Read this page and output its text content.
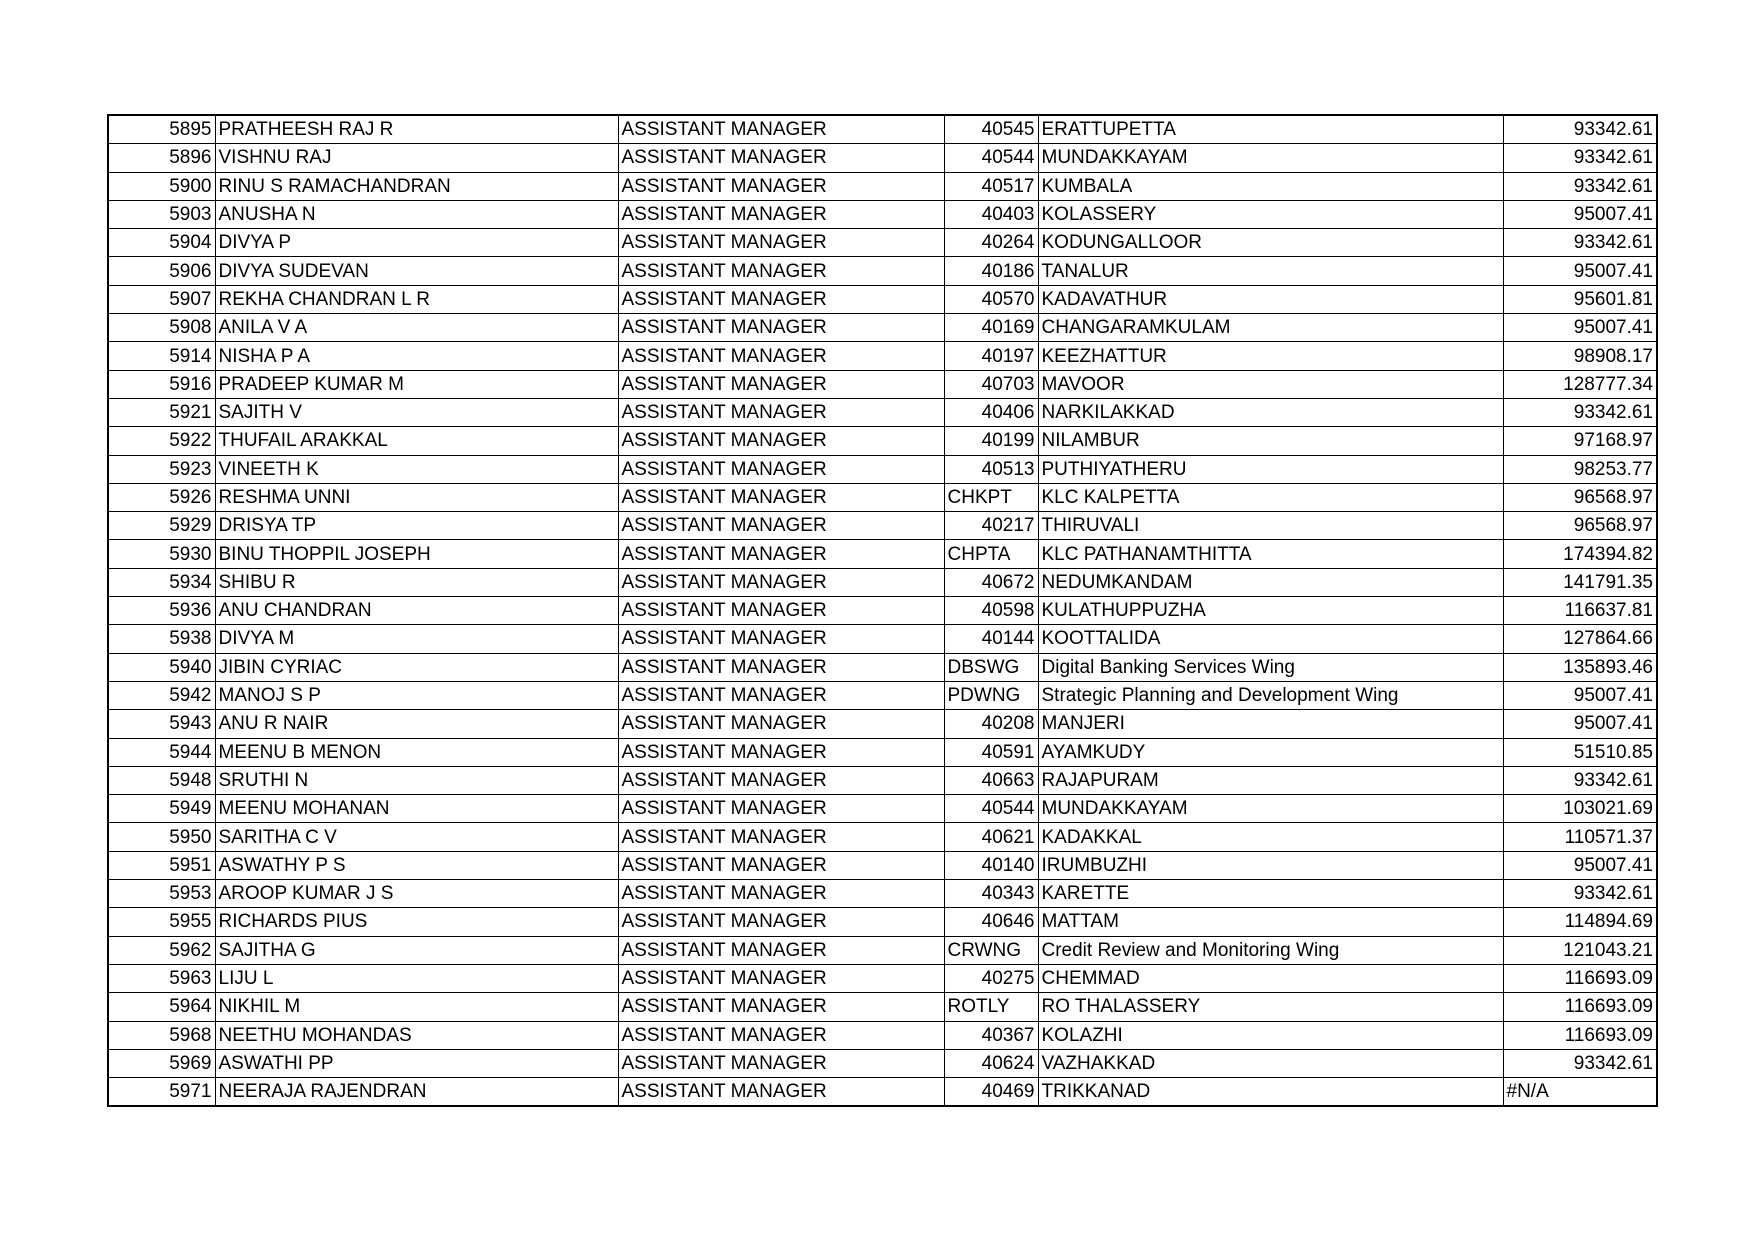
5895	PRATHEESH RAJ R	ASSISTANT MANAGER	40545	ERATTUPETTA	93342.61
5896	VISHNU RAJ	ASSISTANT MANAGER	40544	MUNDAKKAYAM	93342.61
5900	RINU S RAMACHANDRAN	ASSISTANT MANAGER	40517	KUMBALA	93342.61
5903	ANUSHA N	ASSISTANT MANAGER	40403	KOLASSERY	95007.41
5904	DIVYA P	ASSISTANT MANAGER	40264	KODUNGALLOOR	93342.61
5906	DIVYA SUDEVAN	ASSISTANT MANAGER	40186	TANALUR	95007.41
5907	REKHA CHANDRAN L R	ASSISTANT MANAGER	40570	KADAVATHUR	95601.81
5908	ANILA V A	ASSISTANT MANAGER	40169	CHANGARAMKULAM	95007.41
5914	NISHA P A	ASSISTANT MANAGER	40197	KEEZHATTUR	98908.17
5916	PRADEEP KUMAR M	ASSISTANT MANAGER	40703	MAVOOR	128777.34
5921	SAJITH V	ASSISTANT MANAGER	40406	NARKILAKKAD	93342.61
5922	THUFAIL ARAKKAL	ASSISTANT MANAGER	40199	NILAMBUR	97168.97
5923	VINEETH K	ASSISTANT MANAGER	40513	PUTHIYATHERU	98253.77
5926	RESHMA UNNI	ASSISTANT MANAGER	CHKPT	KLC KALPETTA	96568.97
5929	DRISYA TP	ASSISTANT MANAGER	40217	THIRUVALI	96568.97
5930	BINU THOPPIL JOSEPH	ASSISTANT MANAGER	CHPTA	KLC PATHANAMTHITTA	174394.82
5934	SHIBU R	ASSISTANT MANAGER	40672	NEDUMKANDAM	141791.35
5936	ANU CHANDRAN	ASSISTANT MANAGER	40598	KULATHUPPUZHA	116637.81
5938	DIVYA M	ASSISTANT MANAGER	40144	KOOTTALIDA	127864.66
5940	JIBIN CYRIAC	ASSISTANT MANAGER	DBSWG	Digital Banking Services Wing	135893.46
5942	MANOJ S P	ASSISTANT MANAGER	PDWNG	Strategic Planning and Development Wing	95007.41
5943	ANU R NAIR	ASSISTANT MANAGER	40208	MANJERI	95007.41
5944	MEENU B MENON	ASSISTANT MANAGER	40591	AYAMKUDY	51510.85
5948	SRUTHI N	ASSISTANT MANAGER	40663	RAJAPURAM	93342.61
5949	MEENU MOHANAN	ASSISTANT MANAGER	40544	MUNDAKKAYAM	103021.69
5950	SARITHA C V	ASSISTANT MANAGER	40621	KADAKKAL	110571.37
5951	ASWATHY P S	ASSISTANT MANAGER	40140	IRUMBUZHI	95007.41
5953	AROOP KUMAR J S	ASSISTANT MANAGER	40343	KARETTE	93342.61
5955	RICHARDS PIUS	ASSISTANT MANAGER	40646	MATTAM	114894.69
5962	SAJITHA G	ASSISTANT MANAGER	CRWNG	Credit Review and Monitoring Wing	121043.21
5963	LIJU L	ASSISTANT MANAGER	40275	CHEMMAD	116693.09
5964	NIKHIL M	ASSISTANT MANAGER	ROTLY	RO THALASSERY	116693.09
5968	NEETHU MOHANDAS	ASSISTANT MANAGER	40367	KOLAZHI	116693.09
5969	ASWATHI PP	ASSISTANT MANAGER	40624	VAZHAKKAD	93342.61
5971	NEERAJA RAJENDRAN	ASSISTANT MANAGER	40469	TRIKKANAD	#N/A
